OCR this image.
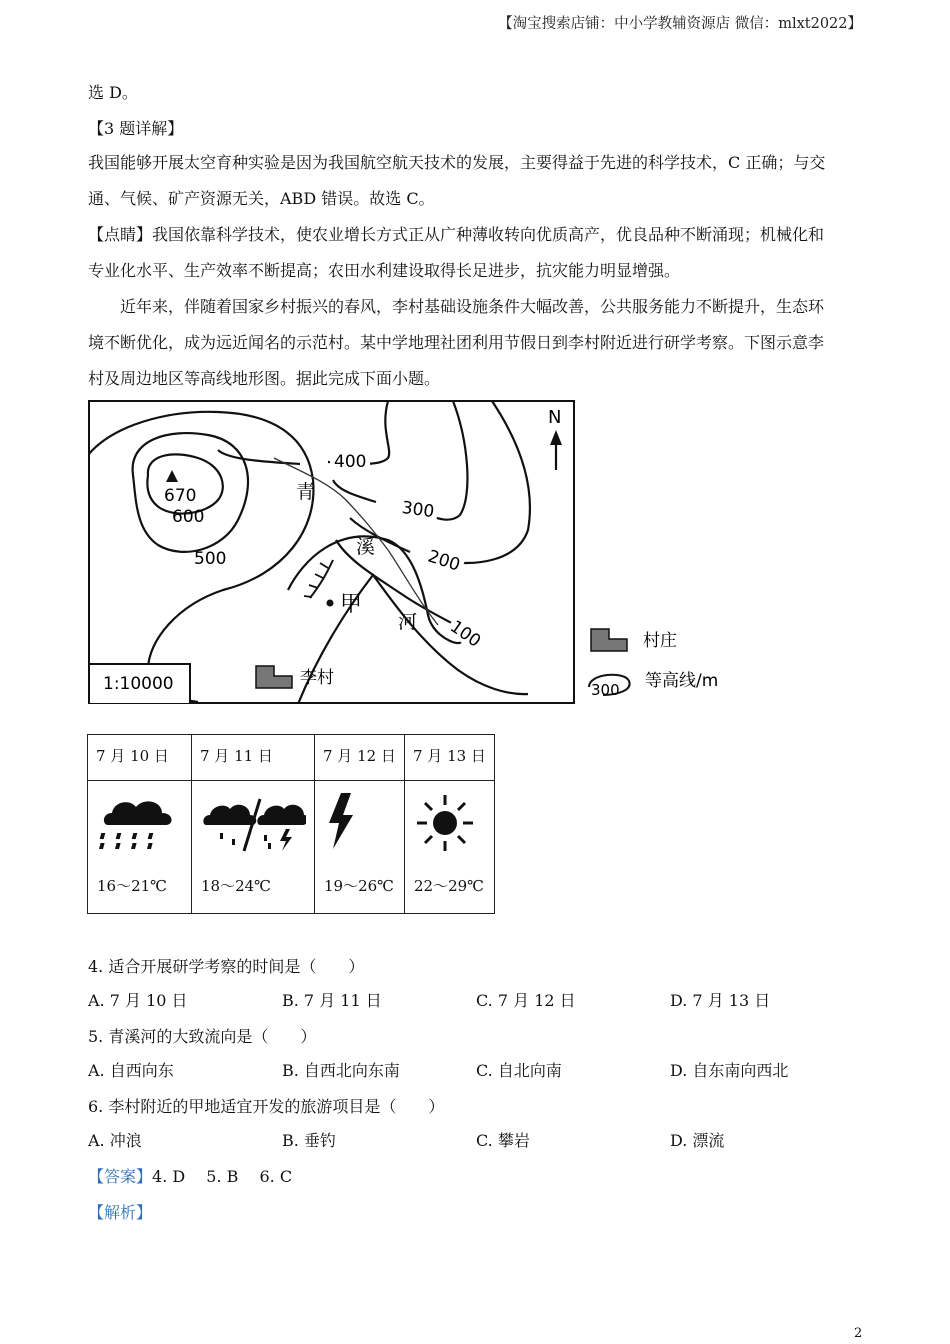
【淘宝搜索店铺：中小学教辅资源店 微信：mlxt2022】
选 D。
【3 题详解】
我国能够开展太空育种实验是因为我国航空航天技术的发展，主要得益于先进的科学技术，C 正确；与交
通、气候、矿产资源无关，ABD 错误。故选 C。
【点睛】我国依靠科学技术，使农业增长方式正从广种薄收转向优质高产，优良品种不断涌现；机械化和
专业化水平、生产效率不断提高；农田水利建设取得长足进步，抗灾能力明显增强。
近年来，伴随着国家乡村振兴的春风，李村基础设施条件大幅改善，公共服务能力不断提升，生态环
境不断优化，成为远近闻名的示范村。某中学地理社团利用节假日到李村附近进行研学考察。下图示意李
村及周边地区等高线地形图。据此完成下面小题。
670
600
500
400
300
200
100
青
溪
河
甲
N
1:10000	李村
村庄
300 等高线/m
7 月 10 日	7 月 11 日	7 月 12 日	7 月 13 日

16～21℃	18～24℃	19～26℃	22～29℃
4. 适合开展研学考察的时间是（　　）
A. 7 月 10 日	B. 7 月 11 日	C. 7 月 12 日	D. 7 月 13 日
5. 青溪河的大致流向是（　　）
A. 自西向东	B. 自西北向东南	C. 自北向南	D. 自东南向西北
6. 李村附近的甲地适宜开发的旅游项目是（　　）
A. 冲浪	B. 垂钓	C. 攀岩	D. 漂流
【答案】4. D　 5. B　 6. C
【解析】
2
